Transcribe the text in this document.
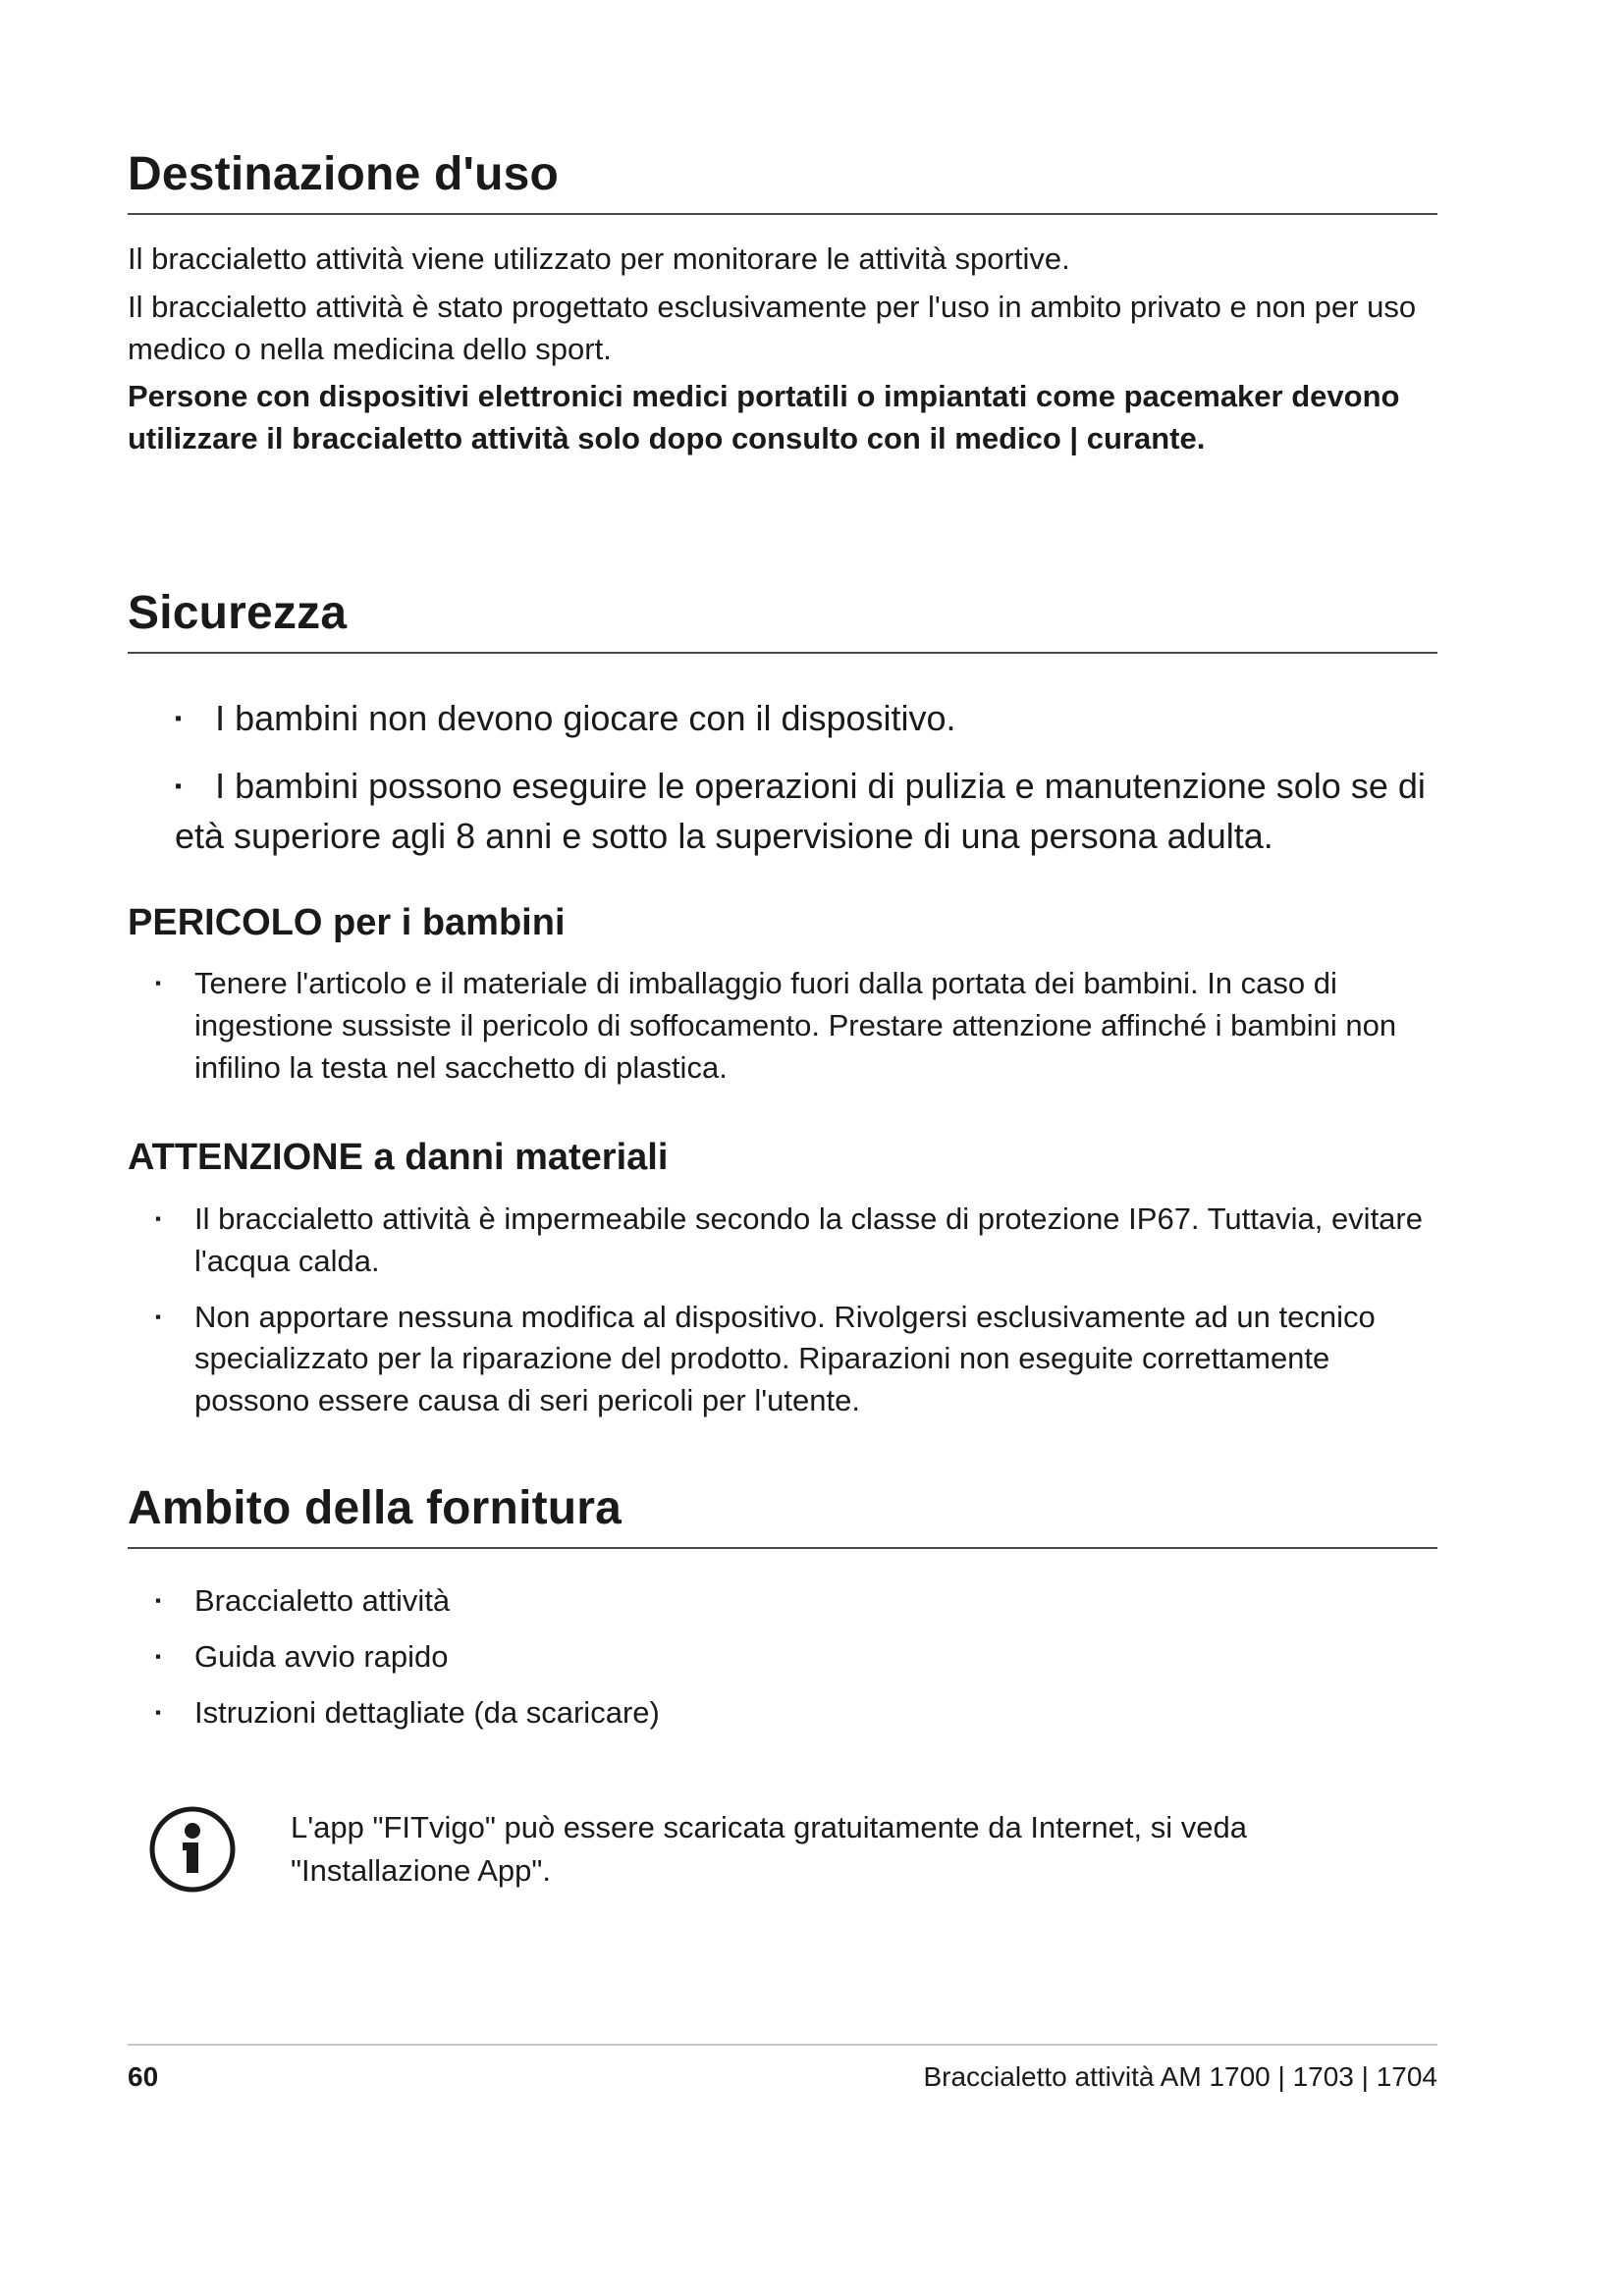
Destinazione d'uso

Il braccialetto attività viene utilizzato per monitorare le attività sportive.

Il braccialetto attività è stato progettato esclusivamente per l'uso in ambito privato e non per uso medico o nella medicina dello sport.

Persone con dispositivi elettronici medici portatili o impiantati come pacemaker devono utilizzare il braccialetto attività solo dopo consulto con il medico | curante.

Sicurezza
▪ I bambini non devono giocare con il dispositivo.
▪ I bambini possono eseguire le operazioni di pulizia e manutenzione solo se di età superiore agli 8 anni e sotto la supervisione di una persona adulta.
PERICOLO per i bambini
▪	Tenere l'articolo e il materiale di imballaggio fuori dalla portata dei bambini. In caso di ingestione sussiste il pericolo di soffocamento. Prestare attenzione affinché i bambini non infilino la testa nel sacchetto di plastica.
ATTENZIONE a danni materiali
▪	Il braccialetto attività è impermeabile secondo la classe di protezione IP67. Tuttavia, evitare l'acqua calda.
▪	Non apportare nessuna modifica al dispositivo. Rivolgersi esclusivamente ad un tecnico specializzato per la riparazione del prodotto. Riparazioni non eseguite correttamente possono essere causa di seri pericoli per l'utente.
Ambito della fornitura
▪	Braccialetto attività
▪	Guida avvio rapido
▪	Istruzioni dettagliate (da scaricare)
L'app "FITvigo" può essere scaricata gratuitamente da Internet, si veda "Installazione App".
60	Braccialetto attività AM 1700 | 1703 | 1704
